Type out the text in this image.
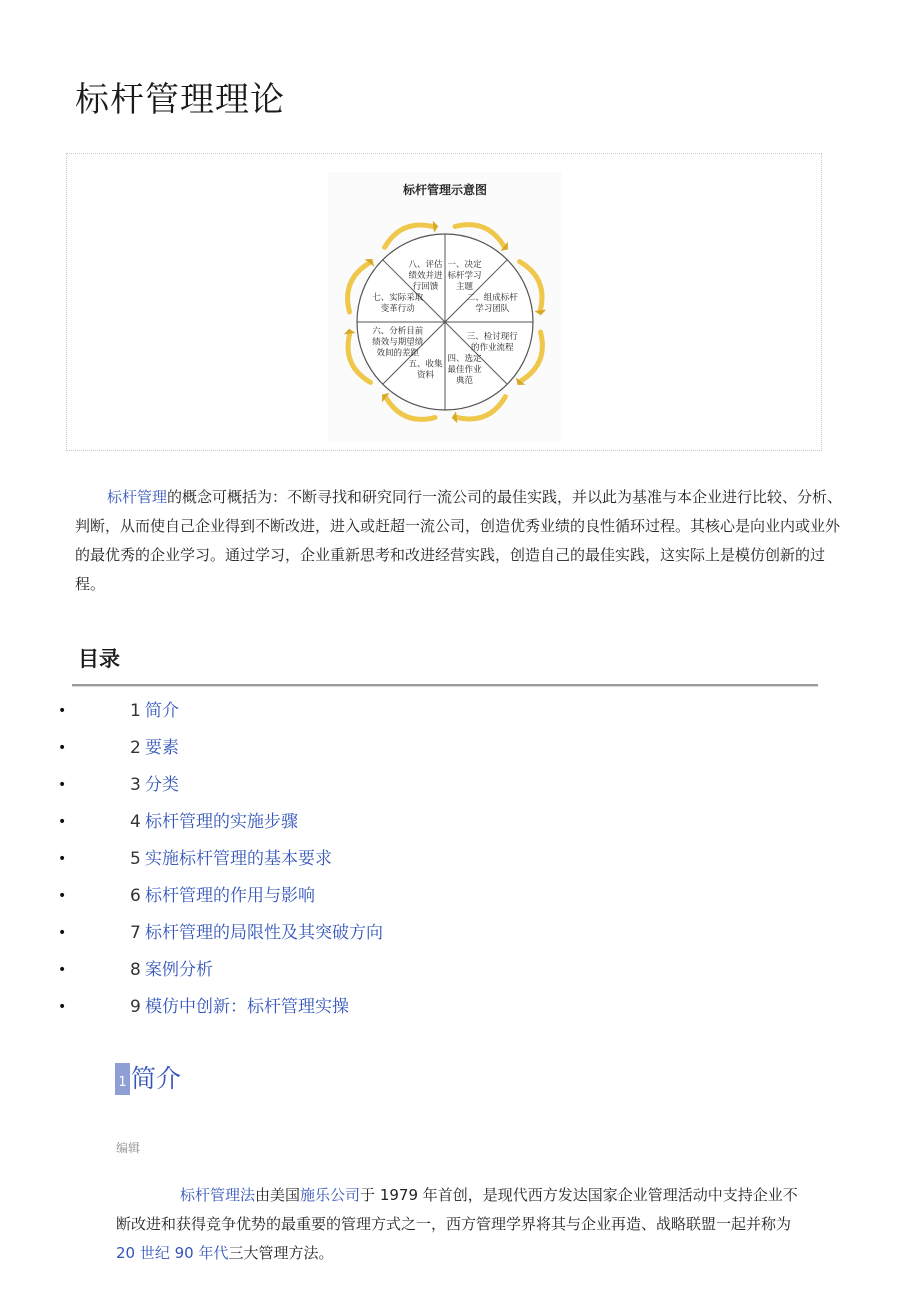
标杆管理理论
标杆管理示意图
一、决定标杆学习主题
二、组成标杆学习团队
三、检讨现行的作业流程
四、选定最佳作业典范
五、收集资料
六、分析目前绩效与期望绩效间的差距
七、实际采取变革行动
八、评估绩效并进行回馈

标杆管理的概念可概括为：不断寻找和研究同行一流公司的最佳实践，并以此为基准与本企业进行比较、分析、判断，从而使自己企业得到不断改进，进入或赶超一流公司，创造优秀业绩的良性循环过程。其核心是向业内或业外的最优秀的企业学习。通过学习，企业重新思考和改进经营实践，创造自己的最佳实践，这实际上是模仿创新的过程。

目录
•	1 简介
•	2 要素
•	3 分类
•	4 标杆管理的实施步骤
•	5 实施标杆管理的基本要求
•	6 标杆管理的作用与影响
•	7 标杆管理的局限性及其突破方向
•	8 案例分析
•	9 模仿中创新：标杆管理实操
1 简介
编辑

标杆管理法由美国施乐公司于 1979 年首创，是现代西方发达国家企业管理活动中支持企业不断改进和获得竞争优势的最重要的管理方式之一，西方管理学界将其与企业再造、战略联盟一起并称为 20 世纪 90 年代三大管理方法。
